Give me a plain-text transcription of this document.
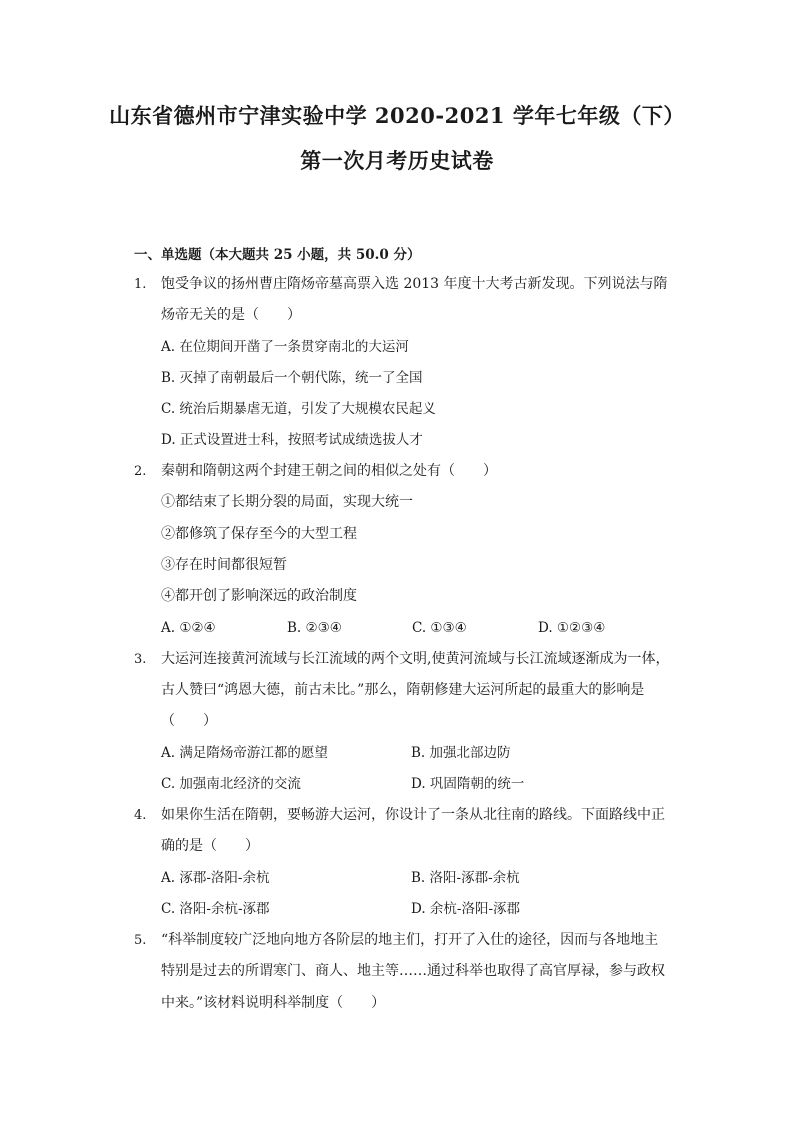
山东省德州市宁津实验中学 2020-2021 学年七年级（下）
第一次月考历史试卷
一、单选题（本大题共 25 小题，共 50.0 分）
1. 饱受争议的扬州曹庄隋炀帝墓高票入选 2013 年度十大考古新发现。下列说法与隋
炀帝无关的是（　　）
A. 在位期间开凿了一条贯穿南北的大运河
B. 灭掉了南朝最后一个朝代陈，统一了全国
C. 统治后期暴虐无道，引发了大规模农民起义
D. 正式设置进士科，按照考试成绩选拔人才
2. 秦朝和隋朝这两个封建王朝之间的相似之处有（　　）
①都结束了长期分裂的局面，实现大统一
②都修筑了保存至今的大型工程
③存在时间都很短暂
④都开创了影响深远的政治制度
A. ①②④	B. ②③④	C. ①③④	D. ①②③④
3. 大运河连接黄河流域与长江流域的两个文明,使黄河流域与长江流域逐渐成为一体，
古人赞曰“鸿恩大德，前古未比。”那么，隋朝修建大运河所起的最重大的影响是
（　　）
A. 满足隋炀帝游江都的愿望	B. 加强北部边防
C. 加强南北经济的交流	D. 巩固隋朝的统一
4. 如果你生活在隋朝，要畅游大运河，你设计了一条从北往南的路线。下面路线中正
确的是（　　）
A. 涿郡-洛阳-余杭	B. 洛阳-涿郡-余杭
C. 洛阳-余杭-涿郡	D. 余杭-洛阳-涿郡
5. “科举制度较广泛地向地方各阶层的地主们，打开了入仕的途径，因而与各地地主
特别是过去的所谓寒门、商人、地主等……通过科举也取得了高官厚禄，参与政权
中来。”该材料说明科举制度（　　）
